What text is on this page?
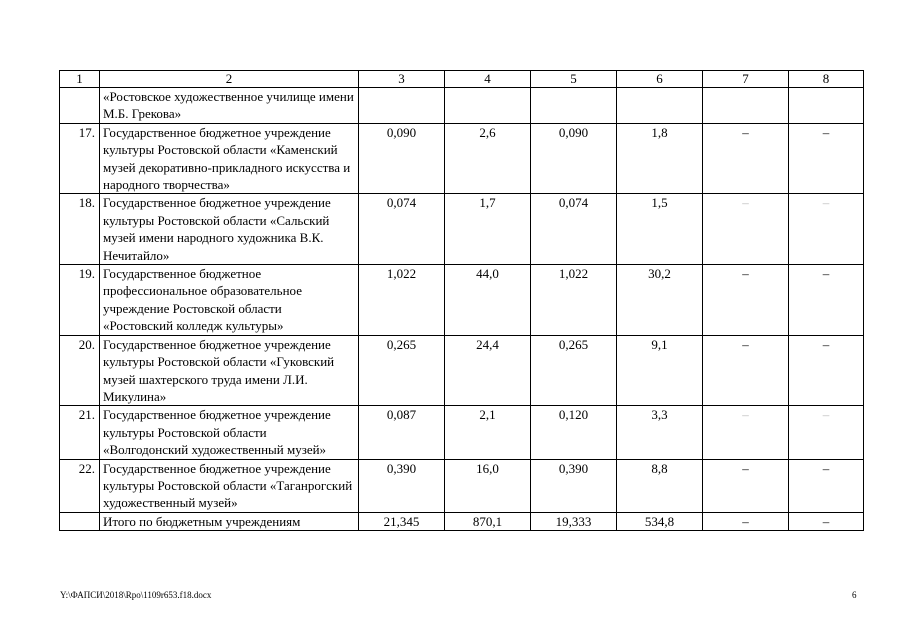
1	2	3	4	5	6	7	8
	«Ростовское художественное училище имени М.Б. Грекова»						
17.	Государственное бюджетное учреждение культуры Ростовской области «Каменский музей декоративно-прикладного искусства и народного творчества»	0,090	2,6	0,090	1,8	–	–
18.	Государственное бюджетное учреждение культуры Ростовской области «Сальский музей имени народного художника В.К. Нечитайло»	0,074	1,7	0,074	1,5	–	–
19.	Государственное бюджетное профессиональное образовательное учреждение Ростовской области «Ростовский колледж культуры»	1,022	44,0	1,022	30,2	–	–
20.	Государственное бюджетное учреждение культуры Ростовской области «Гуковский музей шахтерского труда имени Л.И. Микулина»	0,265	24,4	0,265	9,1	–	–
21.	Государственное бюджетное учреждение культуры Ростовской области «Волгодонский художественный музей»	0,087	2,1	0,120	3,3	–	–
22.	Государственное бюджетное учреждение культуры Ростовской области «Таганрогский художественный музей»	0,390	16,0	0,390	8,8	–	–
	Итого по бюджетным учреждениям	21,345	870,1	19,333	534,8	–	–
Y:\ФАПСИ\2018\Rpo\1109r653.f18.docx	6
